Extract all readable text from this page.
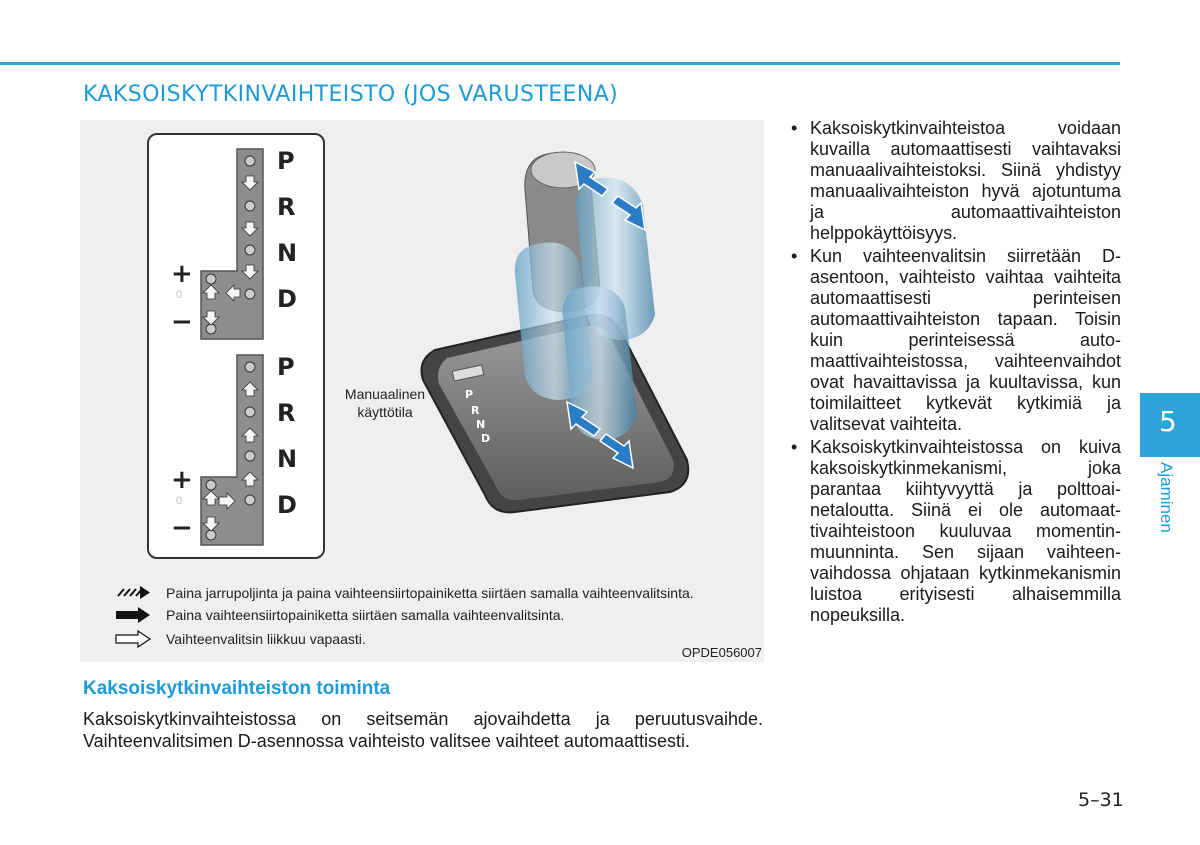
KAKSOISKYTKINVAIHTEISTO (JOS VARUSTEENA)
P
R
N
D
+
0
−
P
R
N
D
+
0
−
P
R
N
D
Manuaalinen käyttötila
Paina jarrupoljinta ja paina vaihteensiirtopainiketta siirtäen samalla vaihteenvalitsinta.
Paina vaihteensiirtopainiketta siirtäen samalla vaihteenvalitsinta.
Vaihteenvalitsin liikkuu vapaasti.
OPDE056007
Kaksoiskytkinvaihteiston toiminta

Kaksoiskytkinvaihteistossa on seitsemän ajovaihdetta ja peruutusvaihde. Vaihteenvalitsimen D-asennossa vaihteisto valitsee vaihteet automaattisesti.

• Kaksoiskytkinvaihteistoa voidaan kuvailla automaattisesti vaihtavaksi manuaalivaihteistoksi. Siinä yhdistyy manuaalivaihteiston hyvä ajotuntuma ja automaattivaihteiston helppokäyttöisyys.
• Kun vaihteenvalitsin siirretään D-asentoon, vaihteisto vaihtaa vaihteita automaattisesti perinteisen automaattivaihteiston tapaan. Toisin kuin perinteisessä automaattivaihteistossa, vaihteenvaihdot ovat havaittavissa ja kuultavissa, kun toimilaitteet kytkevät kytkimiä ja valitsevat vaihteita.
• Kaksoiskytkinvaihteistossa on kuiva kaksoiskytkinmekanismi, joka parantaa kiihtyvyyttä ja polttoainetaloutta. Siinä ei ole automaattivaihteistoon kuuluvaa momentinmuunninta. Sen sijaan vaihteenvaihdossa ohjataan kytkinmekanismin luistoa erityisesti alhaisemmilla nopeuksilla.
5
Ajaminen
5–31
